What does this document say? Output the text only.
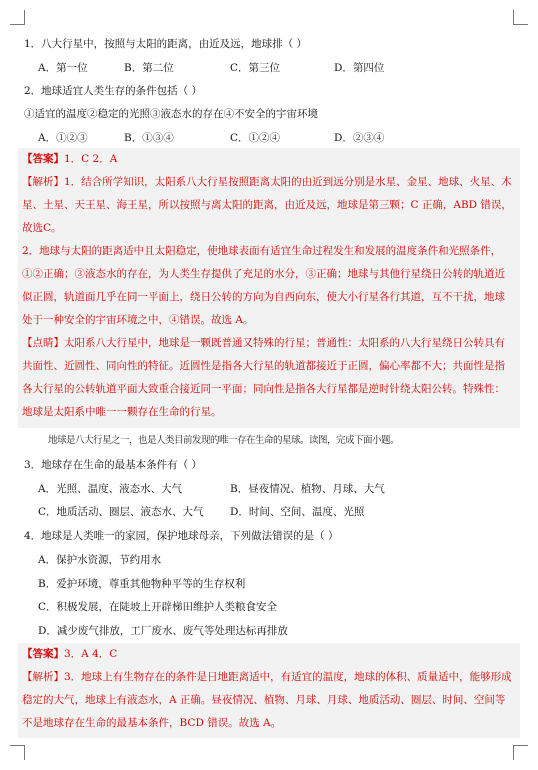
1．八大行星中，按照与太阳的距离，由近及远，地球排（ ）
A．第一位	B．第二位	C．第三位	D．第四位
2．地球适宜人类生存的条件包括（ ）
①适宜的温度②稳定的光照③液态水的存在④不安全的宇宙环境
A．①②③	B．①③④	C．①②④	D．②③④

【答案】1．C 2．A

【解析】1．结合所学知识，太阳系八大行星按照距离太阳的由近到远分别是水星、金星、地球、火星、木

星、土星、天王星、海王星，所以按照与离太阳的距离，由近及远，地球是第三颗；C 正确，ABD 错误，

故选C。

2．地球与太阳的距离适中且太阳稳定，使地球表面有适宜生命过程发生和发展的温度条件和光照条件，

①②正确；③液态水的存在，为人类生存提供了充足的水分，③正确；地球与其他行星绕日公转的轨道近

似正圆，轨道面几乎在同一平面上，绕日公转的方向为自西向东，使大小行星各行其道，互不干扰，地球

处于一种安全的宇宙环境之中，④错误。故选 A。

【点睛】太阳系八大行星中，地球是一颗既普通又特殊的行星；普通性：太阳系的八大行星绕日公转具有

共面性、近圆性、同向性的特征。近圆性是指各大行星的轨道都接近于正圆，偏心率都不大；共面性是指

各大行星的公转轨道平面大致重合接近同一平面；同向性是指各大行星都是逆时针绕太阳公转。特殊性：

地球是太阳系中唯一一颗存在生命的行星。

地球是八大行星之一，也是人类目前发现的唯一存在生命的星球。读图，完成下面小题。
3．地球存在生命的最基本条件有（ ）
A．光照、温度、液态水、大气	B．昼夜情况、植物、月球、大气
C．地质活动、圈层、液态水、大气	D．时间、空间、温度、光照
4．地球是人类唯一的家园，保护地球母亲，下列做法错误的是（ ）
A．保护水资源，节约用水
B．爱护环境，尊重其他物种平等的生存权利
C．积极发展，在陡坡上开辟梯田维护人类粮食安全
D．减少废气排放，工厂废水、废气等处理达标再排放

【答案】3．A 4．C

【解析】3．地球上有生物存在的条件是日地距离适中，有适宜的温度，地球的体积、质量适中，能够形成

稳定的大气，地球上有液态水，A 正确。昼夜情况、植物、月球、月球、地质活动、圈层、时间、空间等

不是地球存在生命的最基本条件，BCD 错误。故选 A。
